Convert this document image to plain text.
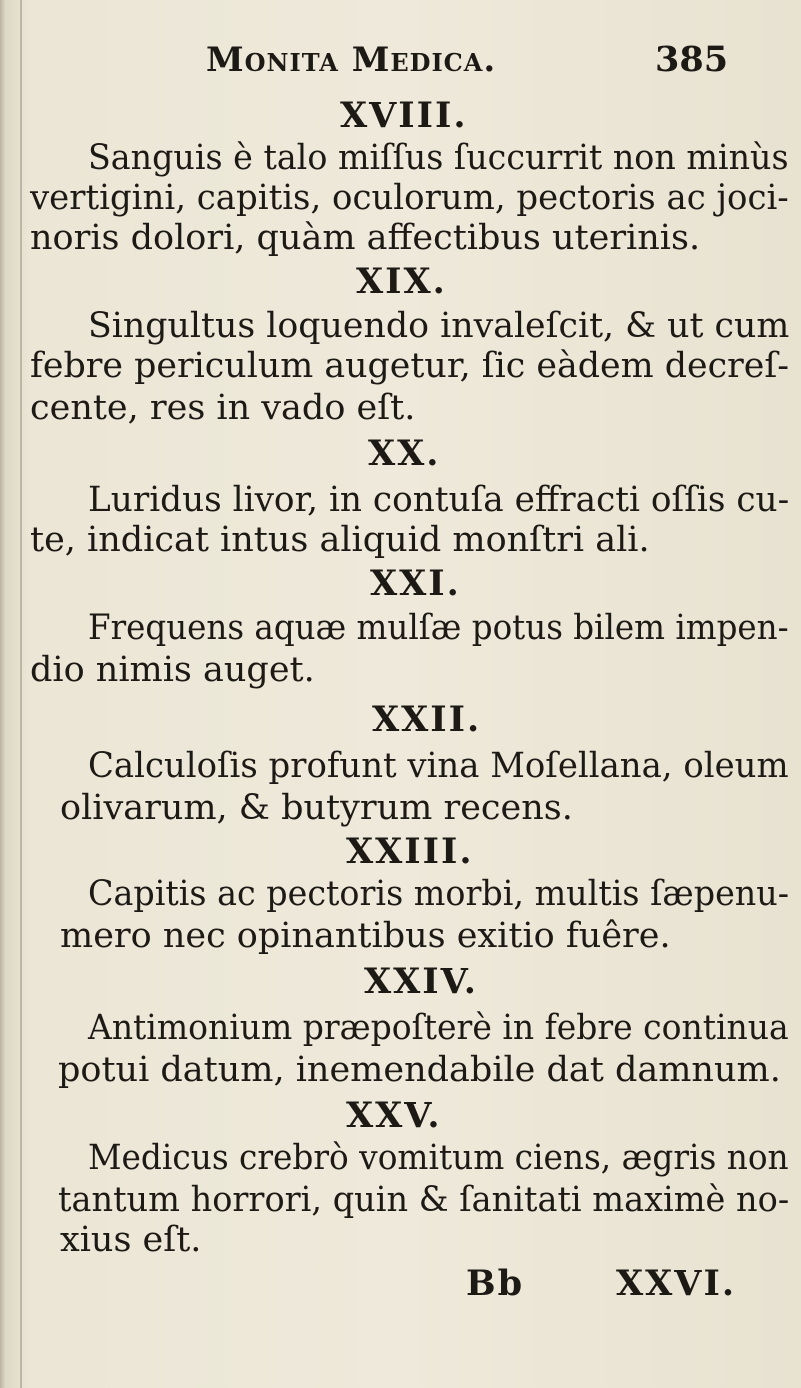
Monita Medica.	385
XVIII.
Sanguis è talo miſſus ſuccurrit non minùs
vertigini, capitis, oculorum, pectoris ac joci-
noris dolori, quàm affectibus uterinis.
XIX.
Singultus loquendo invaleſcit, & ut cum
febre periculum augetur, ſic eàdem decreſ-
cente, res in vado eſt.
XX.
Luridus livor, in contuſa effracti oſſis cu-
te, indicat intus aliquid monſtri ali.
XXI.
Frequens aquæ mulſæ potus bilem impen-
dio nimis auget.
XXII.
Calculoſis profunt vina Moſellana, oleum
olivarum, & butyrum recens.
XXIII.
Capitis ac pectoris morbi, multis ſæpenu-
mero nec opinantibus exitio fuêre.
XXIV.
Antimonium præpoſterè in febre continua
potui datum, inemendabile dat damnum.
XXV.
Medicus crebrò vomitum ciens, ægris non
tantum horrori, quin & ſanitati maximè no-
xius eſt.
Bb	XXVI.
